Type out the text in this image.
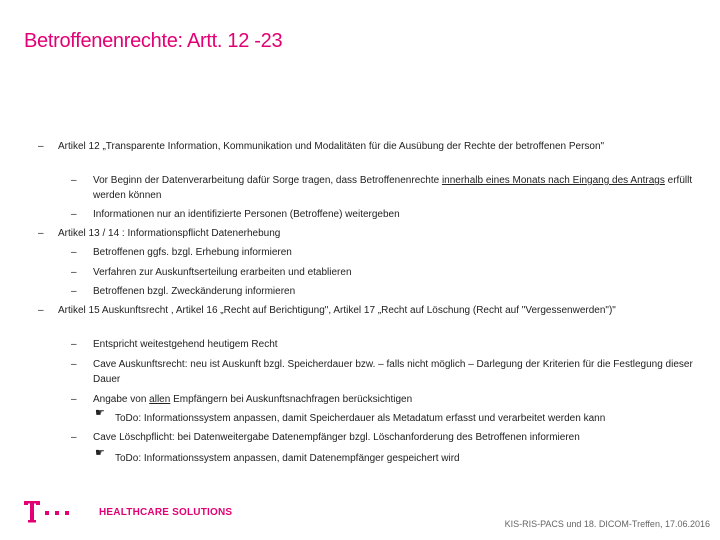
Betroffenenrechte: Artt. 12 -23
– Artikel 12 „Transparente Information, Kommunikation und Modalitäten für die Ausübung der Rechte der betroffenen Person"
– Vor Beginn der Datenverarbeitung dafür Sorge tragen, dass Betroffenenrechte innerhalb eines Monats nach Eingang des Antrags erfüllt werden können
– Informationen nur an identifizierte Personen (Betroffene) weitergeben
– Artikel 13 / 14 : Informationspflicht Datenerhebung
– Betroffenen ggfs. bzgl. Erhebung informieren
– Verfahren zur Auskunftserteilung erarbeiten und etablieren
– Betroffenen bzgl. Zweckänderung informieren
– Artikel 15 Auskunftsrecht , Artikel 16 „Recht auf Berichtigung", Artikel 17 „Recht auf Löschung (Recht auf "Vergessenwerden")"
– Entspricht weitestgehend heutigem Recht
– Cave Auskunftsrecht: neu ist Auskunft bzgl. Speicherdauer bzw. – falls nicht möglich – Darlegung der Kriterien für die Festlegung dieser Dauer
– Angabe von allen Empfängern bei Auskunftsnachfragen berücksichtigen
☛ ToDo: Informationssystem anpassen, damit Speicherdauer als Metadatum erfasst und verarbeitet werden kann
– Cave Löschpflicht: bei Datenweitergabe Datenempfänger bzgl. Löschanforderung des Betroffenen informieren
☛ ToDo: Informationssystem anpassen, damit Datenempfänger gespeichert wird
HEALTHCARE SOLUTIONS
KIS-RIS-PACS und 18. DICOM-Treffen, 17.06.2016
